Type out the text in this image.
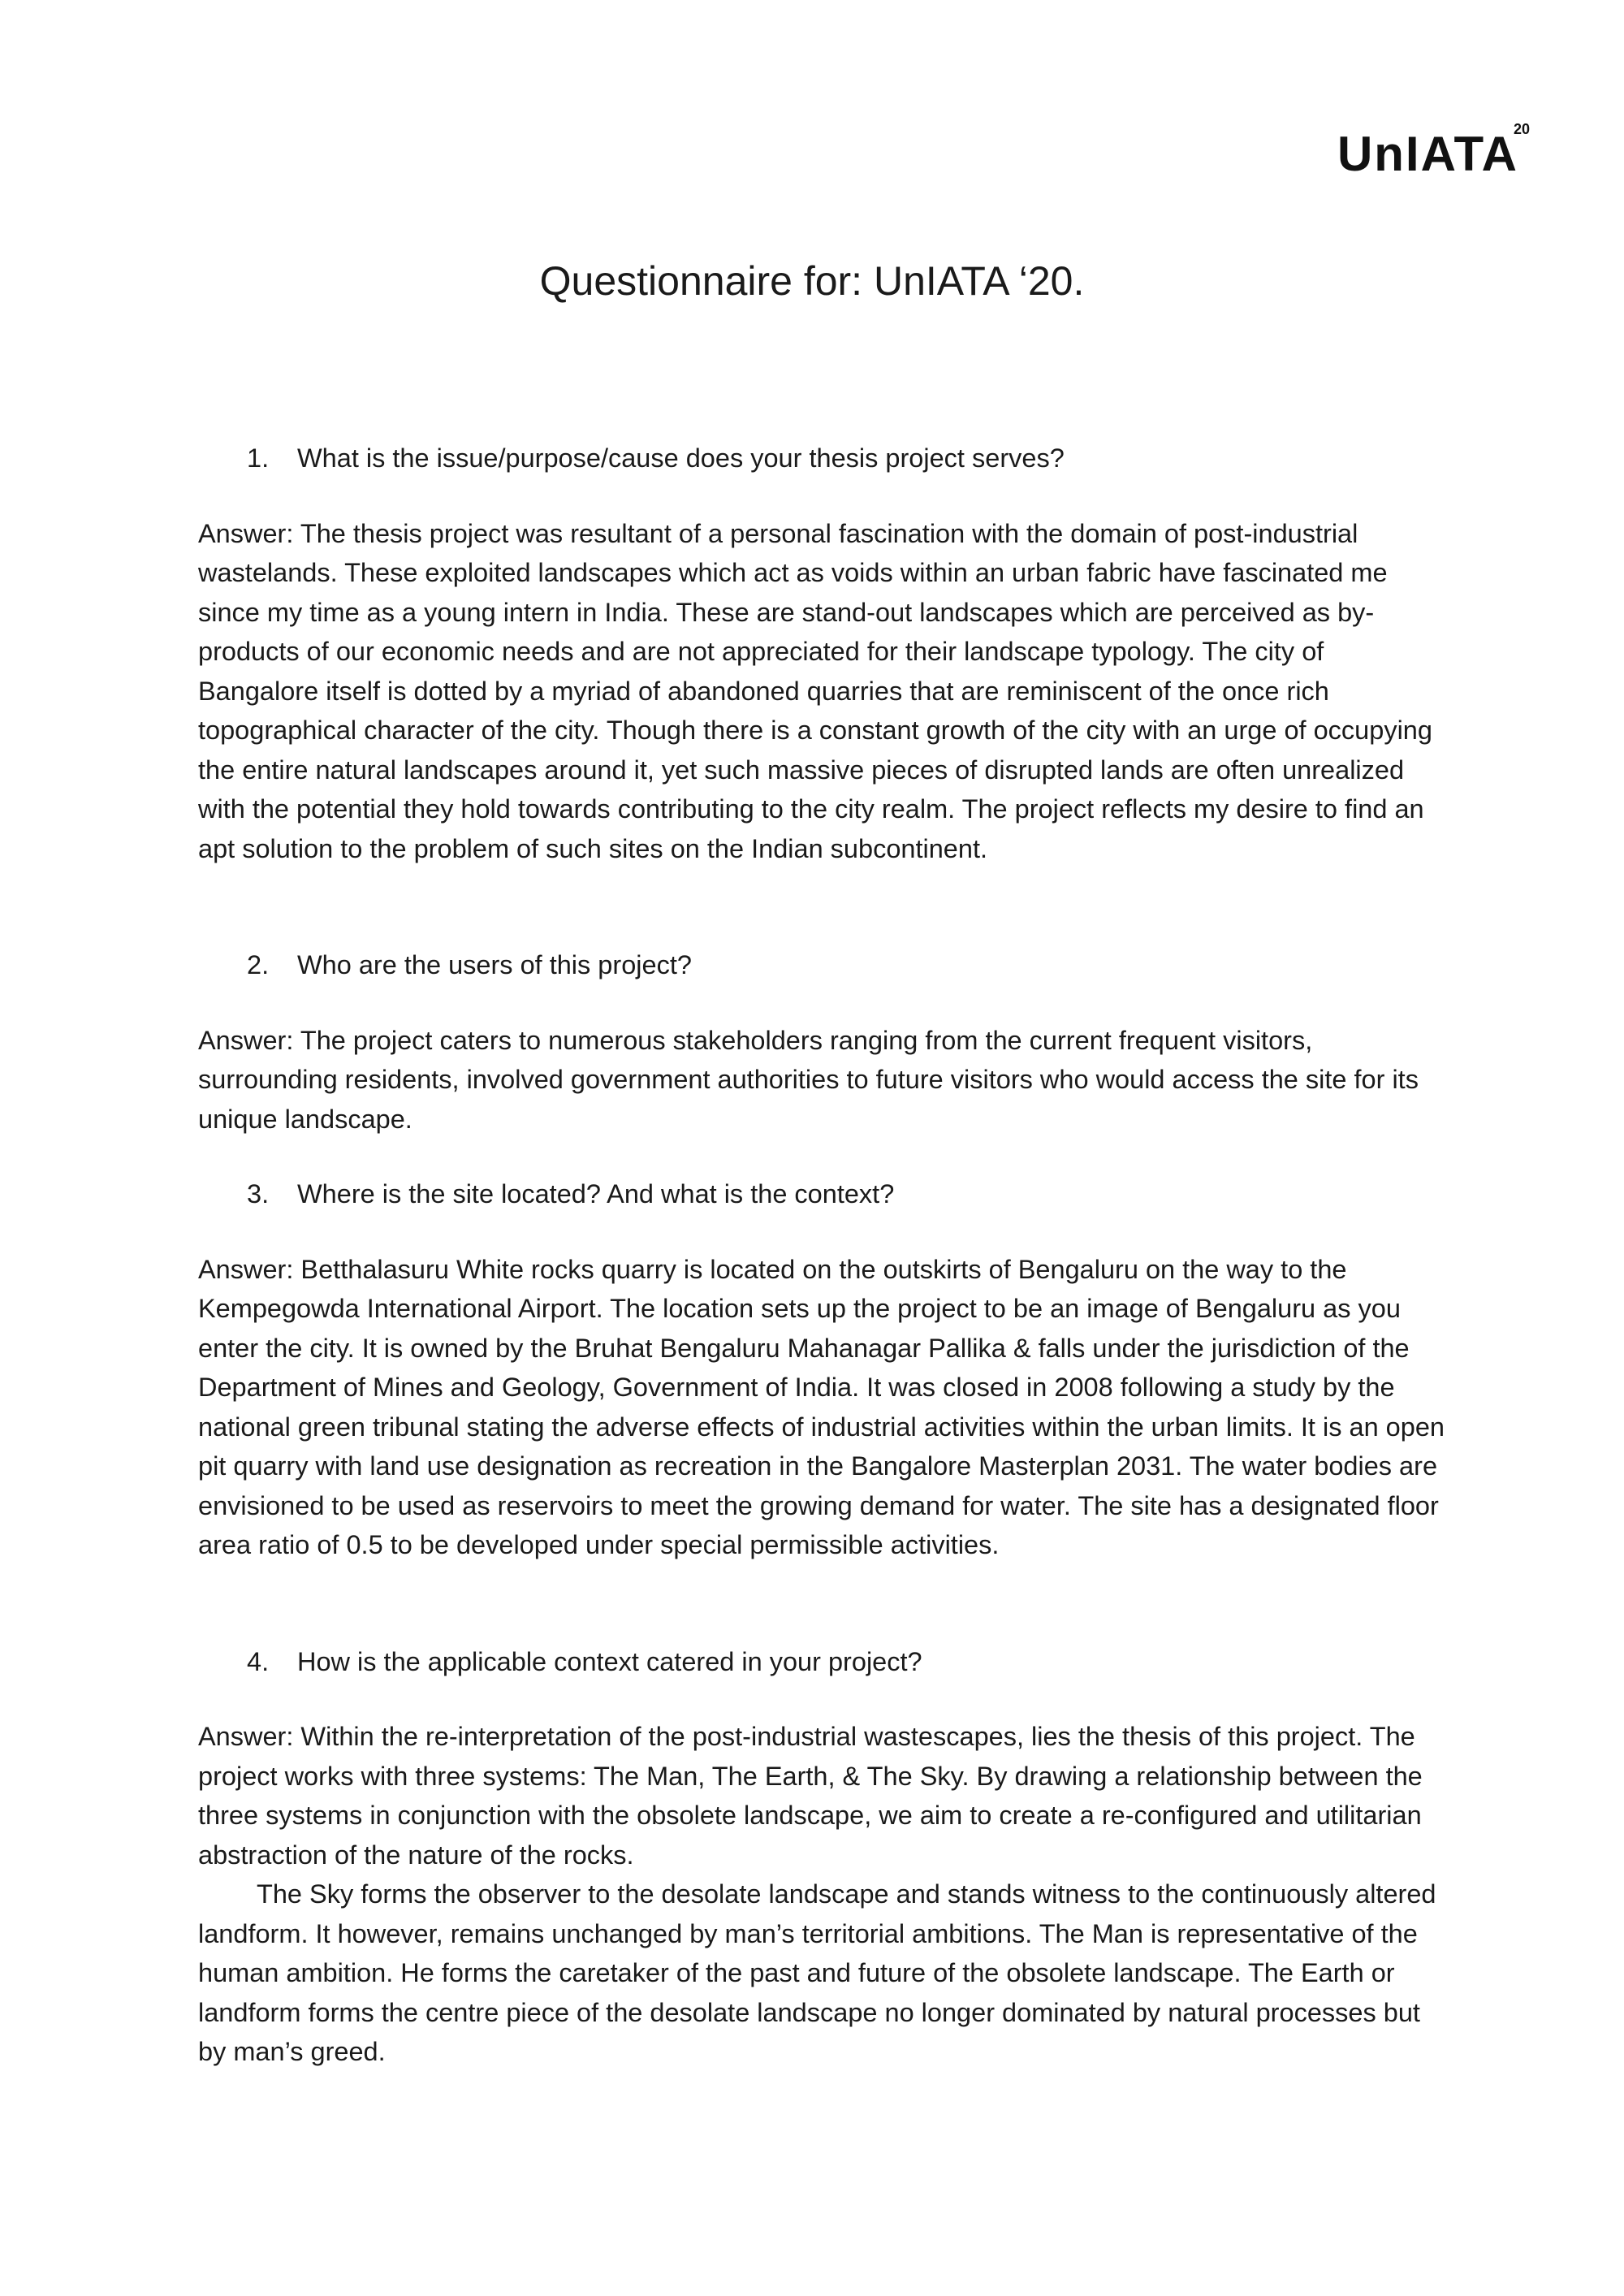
UnIATA
20
Questionnaire for: UnIATA ‘20.
1.	What is the issue/purpose/cause does your thesis project serves?

Answer: The thesis project was resultant of a personal fascination with the domain of post-industrial wastelands. These exploited landscapes which act as voids within an urban fabric have fascinated me since my time as a young intern in India. These are stand-out landscapes which are perceived as by-products of our economic needs and are not appreciated for their landscape typology. The city of Bangalore itself is dotted by a myriad of abandoned quarries that are reminiscent of the once rich topographical character of the city. Though there is a constant growth of the city with an urge of occupying the entire natural landscapes around it, yet such massive pieces of disrupted lands are often unrealized with the potential they hold towards contributing to the city realm. The project reflects my desire to find an apt solution to the problem of such sites on the Indian subcontinent.

2.	Who are the users of this project?

Answer: The project caters to numerous stakeholders ranging from the current frequent visitors, surrounding residents, involved government authorities to future visitors who would access the site for its unique landscape.

3.	Where is the site located? And what is the context?

Answer: Betthalasuru White rocks quarry is located on the outskirts of Bengaluru on the way to the Kempegowda International Airport. The location sets up the project to be an image of Bengaluru as you enter the city. It is owned by the Bruhat Bengaluru Mahanagar Pallika & falls under the jurisdiction of the Department of Mines and Geology, Government of India. It was closed in 2008 following a study by the national green tribunal stating the adverse effects of industrial activities within the urban limits. It is an open pit quarry with land use designation as recreation in the Bangalore Masterplan 2031. The water bodies are envisioned to be used as reservoirs to meet the growing demand for water. The site has a designated floor area ratio of 0.5 to be developed under special permissible activities.

4.	How is the applicable context catered in your project?

Answer: Within the re-interpretation of the post-industrial wastescapes, lies the thesis of this project. The project works with three systems: The Man, The Earth, & The Sky. By drawing a relationship between the three systems in conjunction with the obsolete landscape, we aim to create a re-configured and utilitarian abstraction of the nature of the rocks.

The Sky forms the observer to the desolate landscape and stands witness to the continuously altered landform. It however, remains unchanged by man’s territorial ambitions. The Man is representative of the human ambition. He forms the caretaker of the past and future of the obsolete landscape. The Earth or landform forms the centre piece of the desolate landscape no longer dominated by natural processes but by man’s greed.
